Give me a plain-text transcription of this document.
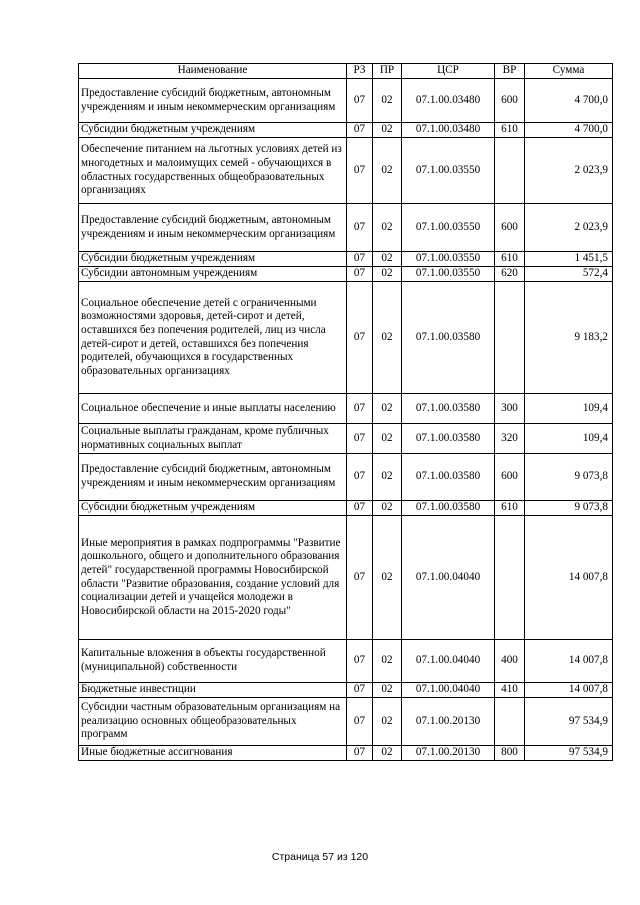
Наименование	РЗ	ПР	ЦСР	ВР	Сумма
Предоставление субсидий бюджетным, автономным учреждениям и иным некоммерческим организациям	07	02	07.1.00.03480	600	4 700,0
Субсидии бюджетным учреждениям	07	02	07.1.00.03480	610	4 700,0
Обеспечение питанием на льготных условиях детей из многодетных и малоимущих семей - обучающихся в областных государственных общеобразовательных организациях	07	02	07.1.00.03550		2 023,9
Предоставление субсидий бюджетным, автономным учреждениям и иным некоммерческим организациям	07	02	07.1.00.03550	600	2 023,9
Субсидии бюджетным учреждениям	07	02	07.1.00.03550	610	1 451,5
Субсидии автономным учреждениям	07	02	07.1.00.03550	620	572,4
Социальное обеспечение детей с ограниченными возможностями здоровья, детей-сирот и детей, оставшихся без попечения родителей, лиц из числа детей-сирот и детей, оставшихся без попечения родителей, обучающихся в государственных образовательных организациях	07	02	07.1.00.03580		9 183,2
Социальное обеспечение и иные выплаты населению	07	02	07.1.00.03580	300	109,4
Социальные выплаты гражданам, кроме публичных нормативных социальных выплат	07	02	07.1.00.03580	320	109,4
Предоставление субсидий бюджетным, автономным учреждениям и иным некоммерческим организациям	07	02	07.1.00.03580	600	9 073,8
Субсидии бюджетным учреждениям	07	02	07.1.00.03580	610	9 073,8
Иные мероприятия в рамках подпрограммы "Развитие дошкольного, общего и дополнительного образования детей" государственной программы Новосибирской области "Развитие образования, создание условий для социализации детей и учащейся молодежи в Новосибирской области на 2015-2020 годы"	07	02	07.1.00.04040		14 007,8
Капитальные вложения в объекты государственной (муниципальной) собственности	07	02	07.1.00.04040	400	14 007,8
Бюджетные инвестиции	07	02	07.1.00.04040	410	14 007,8
Субсидии частным образовательным организациям на реализацию основных общеобразовательных программ	07	02	07.1.00.20130		97 534,9
Иные бюджетные ассигнования	07	02	07.1.00.20130	800	97 534,9
Страница 57 из 120
